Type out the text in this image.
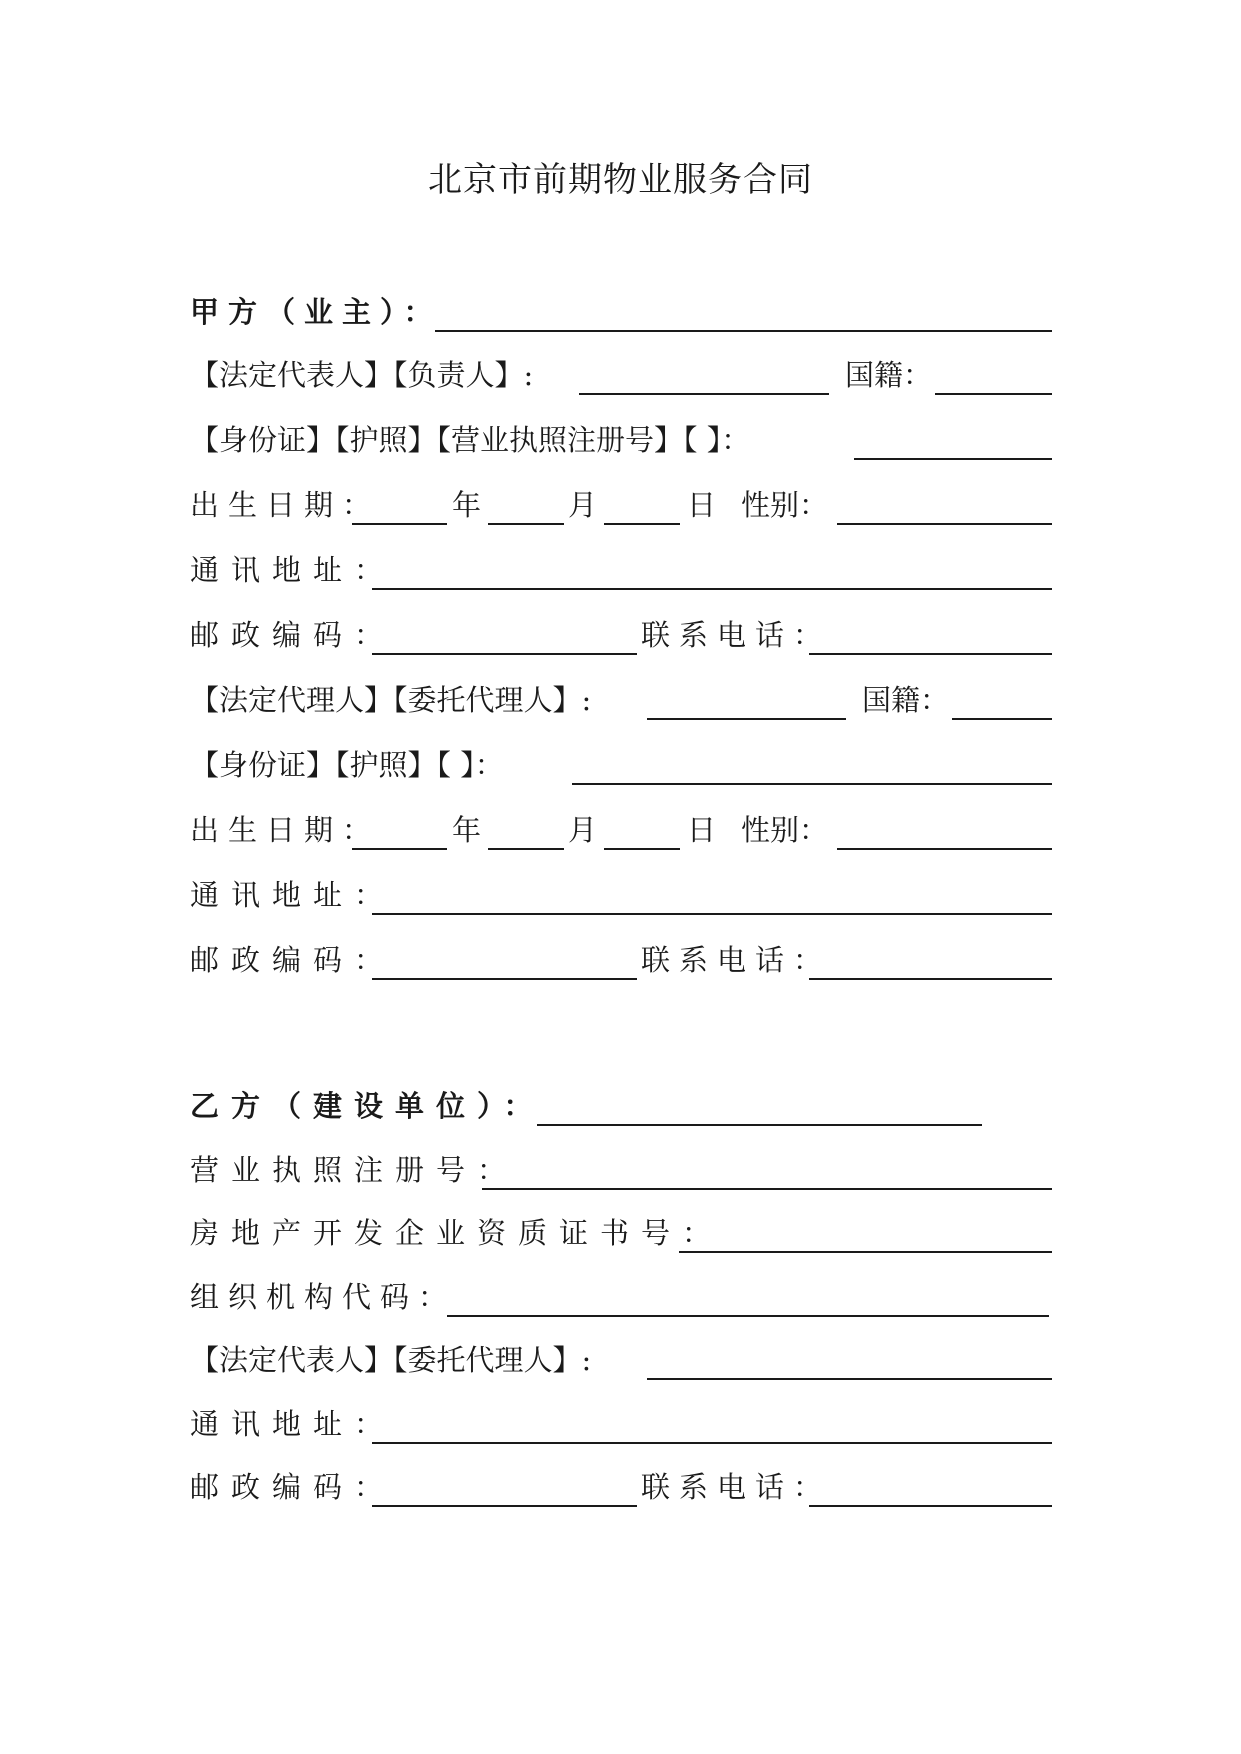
北京市前期物业服务合同
甲方（业主）：
【法定代表人】【负责人】:	国籍：
【身份证】【护照】【营业执照注册号】【 】：
出生日期： 年	月	日 性别：
通讯地址：
邮政编码：	联系电话：
【法定代理人】【委托代理人】:	国籍：
【身份证】【护照】【 】：
出生日期： 年	月	日 性别：
通讯地址：
邮政编码：	联系电话：
乙方（建设单位）：
营业执照注册号：
房地产开发企业资质证书号：
组织机构代码：
【法定代表人】【委托代理人】:
通讯地址：
邮政编码：	联系电话：
